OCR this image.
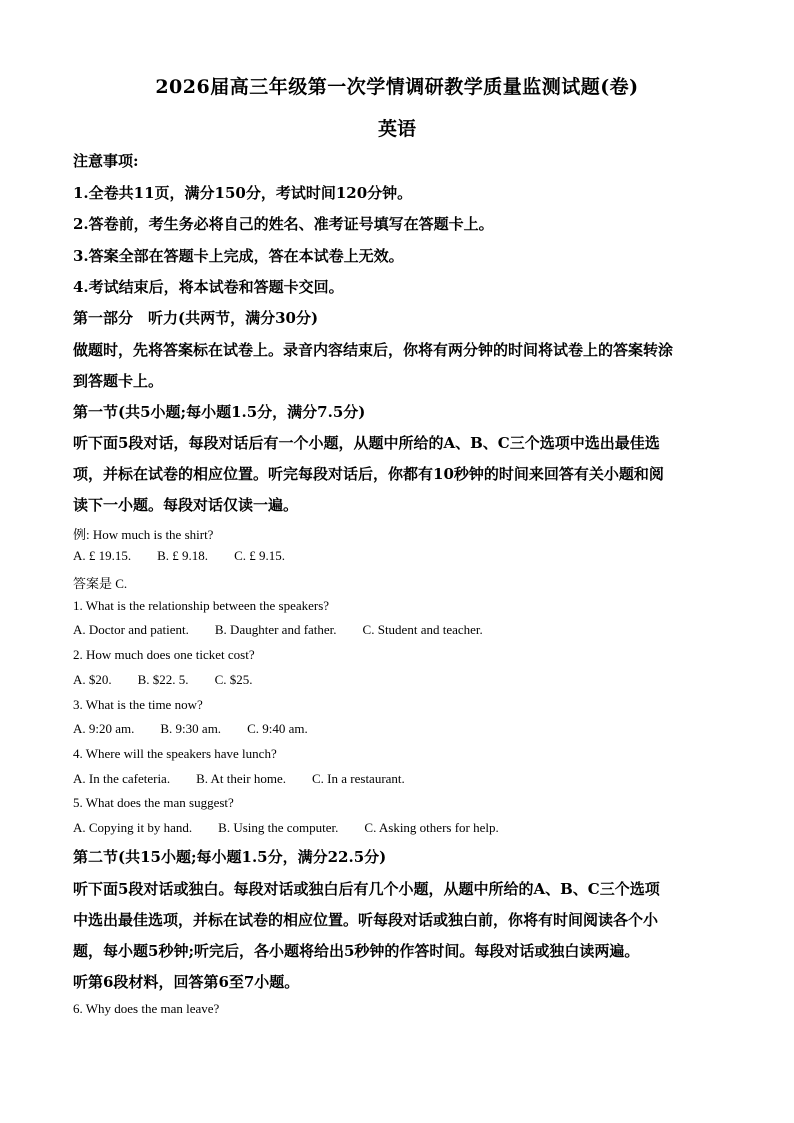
2026届高三年级第一次学情调研教学质量监测试题(卷)
英语
注意事项:
1.全卷共11页，满分150分，考试时间120分钟。
2.答卷前，考生务必将自己的姓名、准考证号填写在答题卡上。
3.答案全部在答题卡上完成，答在本试卷上无效。
4.考试结束后，将本试卷和答题卡交回。
第一部分　听力(共两节，满分30分)
做题时，先将答案标在试卷上。录音内容结束后，你将有两分钟的时间将试卷上的答案转涂
到答题卡上。
第一节(共5小题;每小题1.5分，满分7.5分)
听下面5段对话，每段对话后有一个小题，从题中所给的A、B、C三个选项中选出最佳选
项，并标在试卷的相应位置。听完每段对话后，你都有10秒钟的时间来回答有关小题和阅
读下一小题。每段对话仅读一遍。
例: How much is the shirt?
A. £ 19.15. B. £ 9.18. C. £ 9.15.
答案是 C.
1. What is the relationship between the speakers?
A. Doctor and patient. B. Daughter and father. C. Student and teacher.
2. How much does one ticket cost?
A. $20. B. $22. 5. C. $25.
3. What is the time now?
A. 9:20 am. B. 9:30 am. C. 9:40 am.
4. Where will the speakers have lunch?
A. In the cafeteria. B. At their home. C. In a restaurant.
5. What does the man suggest?
A. Copying it by hand. B. Using the computer. C. Asking others for help.
第二节(共15小题;每小题1.5分，满分22.5分)
听下面5段对话或独白。每段对话或独白后有几个小题，从题中所给的A、B、C三个选项
中选出最佳选项，并标在试卷的相应位置。听每段对话或独白前，你将有时间阅读各个小
题，每小题5秒钟;听完后，各小题将给出5秒钟的作答时间。每段对话或独白读两遍。
听第6段材料，回答第6至7小题。
6. Why does the man leave?
